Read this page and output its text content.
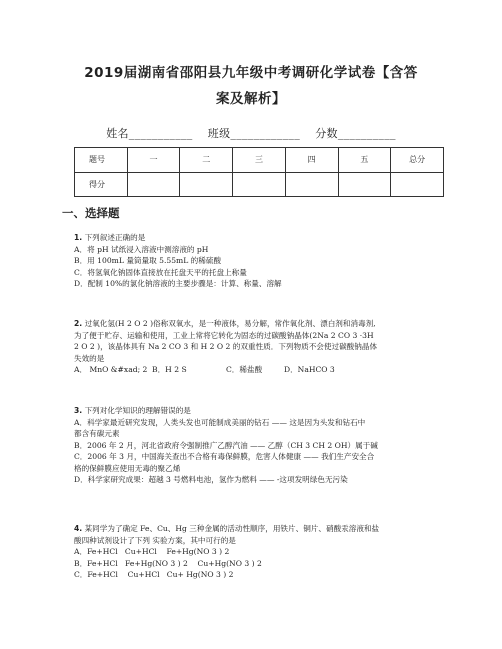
2019届湖南省邵阳县九年级中考调研化学试卷【含答
案及解析】
姓名___________ 班级____________ 分数__________
题号	一	二	三	四	五	总分
得分						
一、选择题
1. 下列叙述正确的是
A．将 pH 试纸浸入溶液中测溶液的 pH
B．用 100mL 量筒量取 5.55mL 的稀硫酸
C．将氢氧化钠固体直接放在托盘天平的托盘上称量
D．配制 10%的氯化钠溶液的主要步骤是：计算、称量、溶解
2. 过氧化氢(H 2 O 2 )俗称双氧水，是一种液体，易分解，常作氧化剂、漂白剂和消毒剂,
为了便于贮存、运输和使用，工业上常将它转化为固态的过碳酸钠晶体(2Na 2 CO 3 ·3H
2 O 2 )，该晶体具有 Na 2 CO 3 和 H 2 O 2 的双重性质．下列物质不会使过碳酸钠晶体
失效的是
A． MnO &#xad; 2 B．H 2 S	C．稀盐酸	D．NaHCO 3
3. 下列对化学知识的理解错误的是
A．科学家最近研究发现，人类头发也可能制成美丽的钻石 —— 这是因为头发和钻石中
都含有碳元素
B．2006 年 2 月，河北省政府令强制推广乙醇汽油 —— 乙醇（CH 3 CH 2 OH）属于碱
C．2006 年 3 月，中国海关查出不合格有毒保鲜膜，危害人体健康 —— 我们生产安全合
格的保鲜膜应使用无毒的聚乙烯
D．科学家研究成果：超越 3 号燃料电池，氢作为燃料 —— -这项发明绿色无污染
4. 某同学为了确定 Fe、Cu、Hg 三种金属的活动性顺序，用铁片、铜片、硝酸汞溶液和盐
酸四种试剂设计了下列 实验方案，其中可行的是
A．Fe+HCl   Cu+HCl    Fe+Hg(NO 3 ) 2
B．Fe+HCl   Fe+Hg(NO 3 ) 2    Cu+Hg(NO 3 ) 2
C．Fe+HCl    Cu+HCl   Cu+ Hg(NO 3 ) 2
